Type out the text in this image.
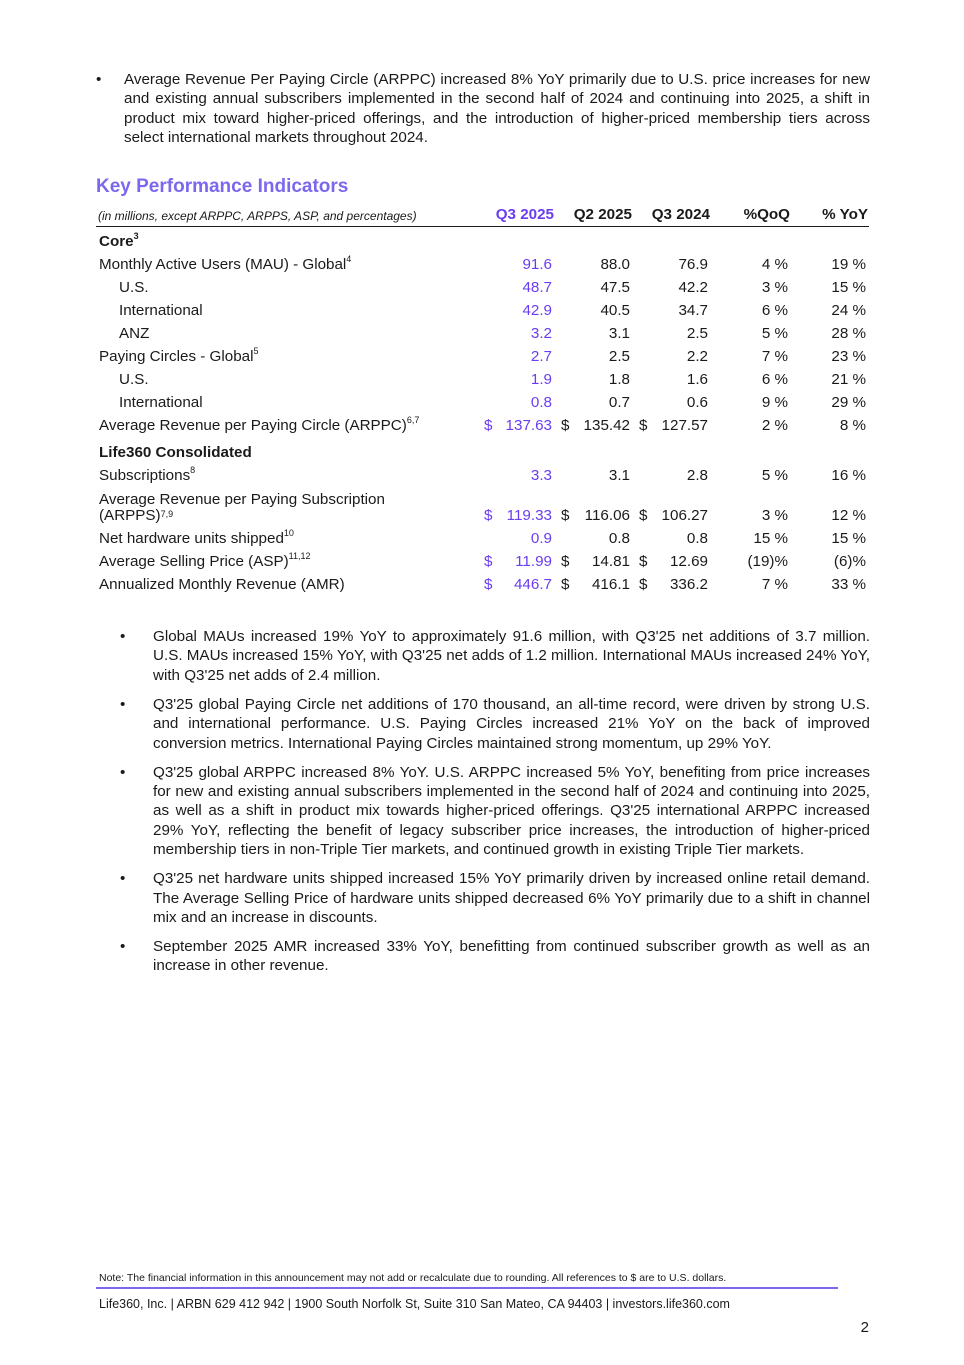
•	Average Revenue Per Paying Circle (ARPPC) increased 8% YoY primarily due to U.S. price increases for new and existing annual subscribers implemented in the second half of 2024 and continuing into 2025, a shift in product mix toward higher-priced offerings, and the introduction of higher-priced membership tiers across select international markets throughout 2024.
Key Performance Indicators
(in millions, except ARPPC, ARPPS, ASP, and percentages)	Q3 2025	Q2 2025	Q3 2024	%QoQ	% YoY
Core$^3$
Monthly Active Users (MAU) - Global$^4$	91.6	88.0	76.9	4 %	19 %
U.S.	48.7	47.5	42.2	3 %	15 %
International	42.9	40.5	34.7	6 %	24 %
ANZ	3.2	3.1	2.5	5 %	28 %
Paying Circles - Global$^5$	2.7	2.5	2.2	7 %	23 %
U.S.	1.9	1.8	1.6	6 %	21 %
International	0.8	0.7	0.6	9 %	29 %
Average Revenue per Paying Circle (ARPPC)$^{6,7}$	$ 137.63 $ 135.42 $ 127.57	2 %	8 %
Life360 Consolidated
Subscriptions$^8$	3.3	3.1	2.8	5 %	16 %
Average Revenue per Paying Subscription
(ARPPS)$^{7,9}$	$ 119.33 $ 116.06 $ 106.27	3 %	12 %
Net hardware units shipped$^{10}$	0.9	0.8	0.8	15 %	15 %
Average Selling Price (ASP)$^{11,12}$	$ 11.99 $ 14.81 $ 12.69	(19)%	(6)%
Annualized Monthly Revenue (AMR)	$ 446.7 $ 416.1 $ 336.2	7 %	33 %
•	Global MAUs increased 19% YoY to approximately 91.6 million, with Q3'25 net additions of 3.7 million. U.S. MAUs increased 15% YoY, with Q3'25 net adds of 1.2 million. International MAUs increased 24% YoY, with Q3'25 net adds of 2.4 million.
•	Q3'25 global Paying Circle net additions of 170 thousand, an all-time record, were driven by strong U.S. and international performance. U.S. Paying Circles increased 21% YoY on the back of improved conversion metrics. International Paying Circles maintained strong momentum, up 29% YoY.
•	Q3'25 global ARPPC increased 8% YoY. U.S. ARPPC increased 5% YoY, benefiting from price increases for new and existing annual subscribers implemented in the second half of 2024 and continuing into 2025, as well as a shift in product mix towards higher-priced offerings. Q3'25 international ARPPC increased 29% YoY, reflecting the benefit of legacy subscriber price increases, the introduction of higher-priced membership tiers in non-Triple Tier markets, and continued growth in existing Triple Tier markets.
•	Q3'25 net hardware units shipped increased 15% YoY primarily driven by increased online retail demand. The Average Selling Price of hardware units shipped decreased 6% YoY primarily due to a shift in channel mix and an increase in discounts.
•	September 2025 AMR increased 33% YoY, benefitting from continued subscriber growth as well as an increase in other revenue.
Note: The financial information in this announcement may not add or recalculate due to rounding. All references to $ are to U.S. dollars.
Life360, Inc. | ARBN 629 412 942 | 1900 South Norfolk St, Suite 310 San Mateo, CA 94403 | investors.life360.com
2
